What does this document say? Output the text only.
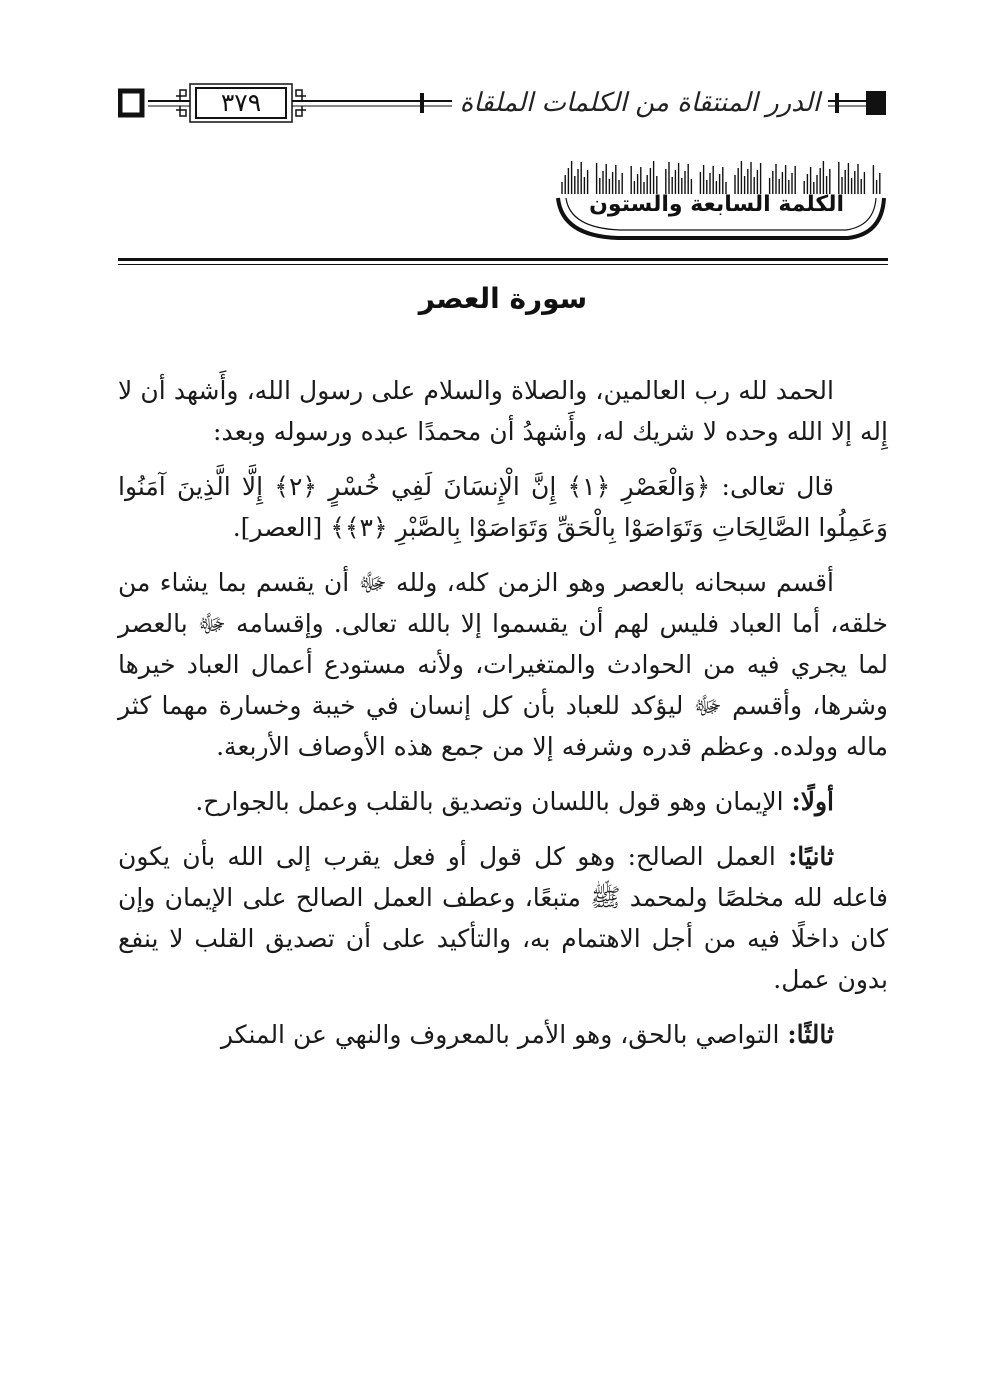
الدرر المنتقاة من الكلمات الملقاة
٣٧٩
الكلمة السابعة والستون
سورة العصر

الحمد لله رب العالمين، والصلاة والسلام على رسول الله، وأَشهد أن لا إِله إلا الله وحده لا شريك له، وأَشهدُ أن محمدًا عبده ورسوله وبعد:

قال تعالى: ﴿وَالْعَصْرِ ﴿١﴾ إِنَّ الْإِنسَانَ لَفِي خُسْرٍ ﴿٢﴾ إِلَّا الَّذِينَ آمَنُوا وَعَمِلُوا الصَّالِحَاتِ وَتَوَاصَوْا بِالْحَقِّ وَتَوَاصَوْا بِالصَّبْرِ ﴿٣﴾﴾ [العصر].

أقسم سبحانه بالعصر وهو الزمن كله، ولله ﷻ أن يقسم بما يشاء من خلقه، أما العباد فليس لهم أن يقسموا إلا بالله تعالى. وإقسامه ﷻ بالعصر لما يجري فيه من الحوادث والمتغيرات، ولأنه مستودع أعمال العباد خيرها وشرها، وأقسم ﷻ ليؤكد للعباد بأن كل إنسان في خيبة وخسارة مهما كثر ماله وولده. وعظم قدره وشرفه إلا من جمع هذه الأوصاف الأربعة.

أولًا: الإيمان وهو قول باللسان وتصديق بالقلب وعمل بالجوارح.

ثانيًا: العمل الصالح: وهو كل قول أو فعل يقرب إلى الله بأن يكون فاعله لله مخلصًا ولمحمد ﷺ متبعًا، وعطف العمل الصالح على الإيمان وإن كان داخلًا فيه من أجل الاهتمام به، والتأكيد على أن تصديق القلب لا ينفع بدون عمل.

ثالثًا: التواصي بالحق، وهو الأمر بالمعروف والنهي عن المنكر
